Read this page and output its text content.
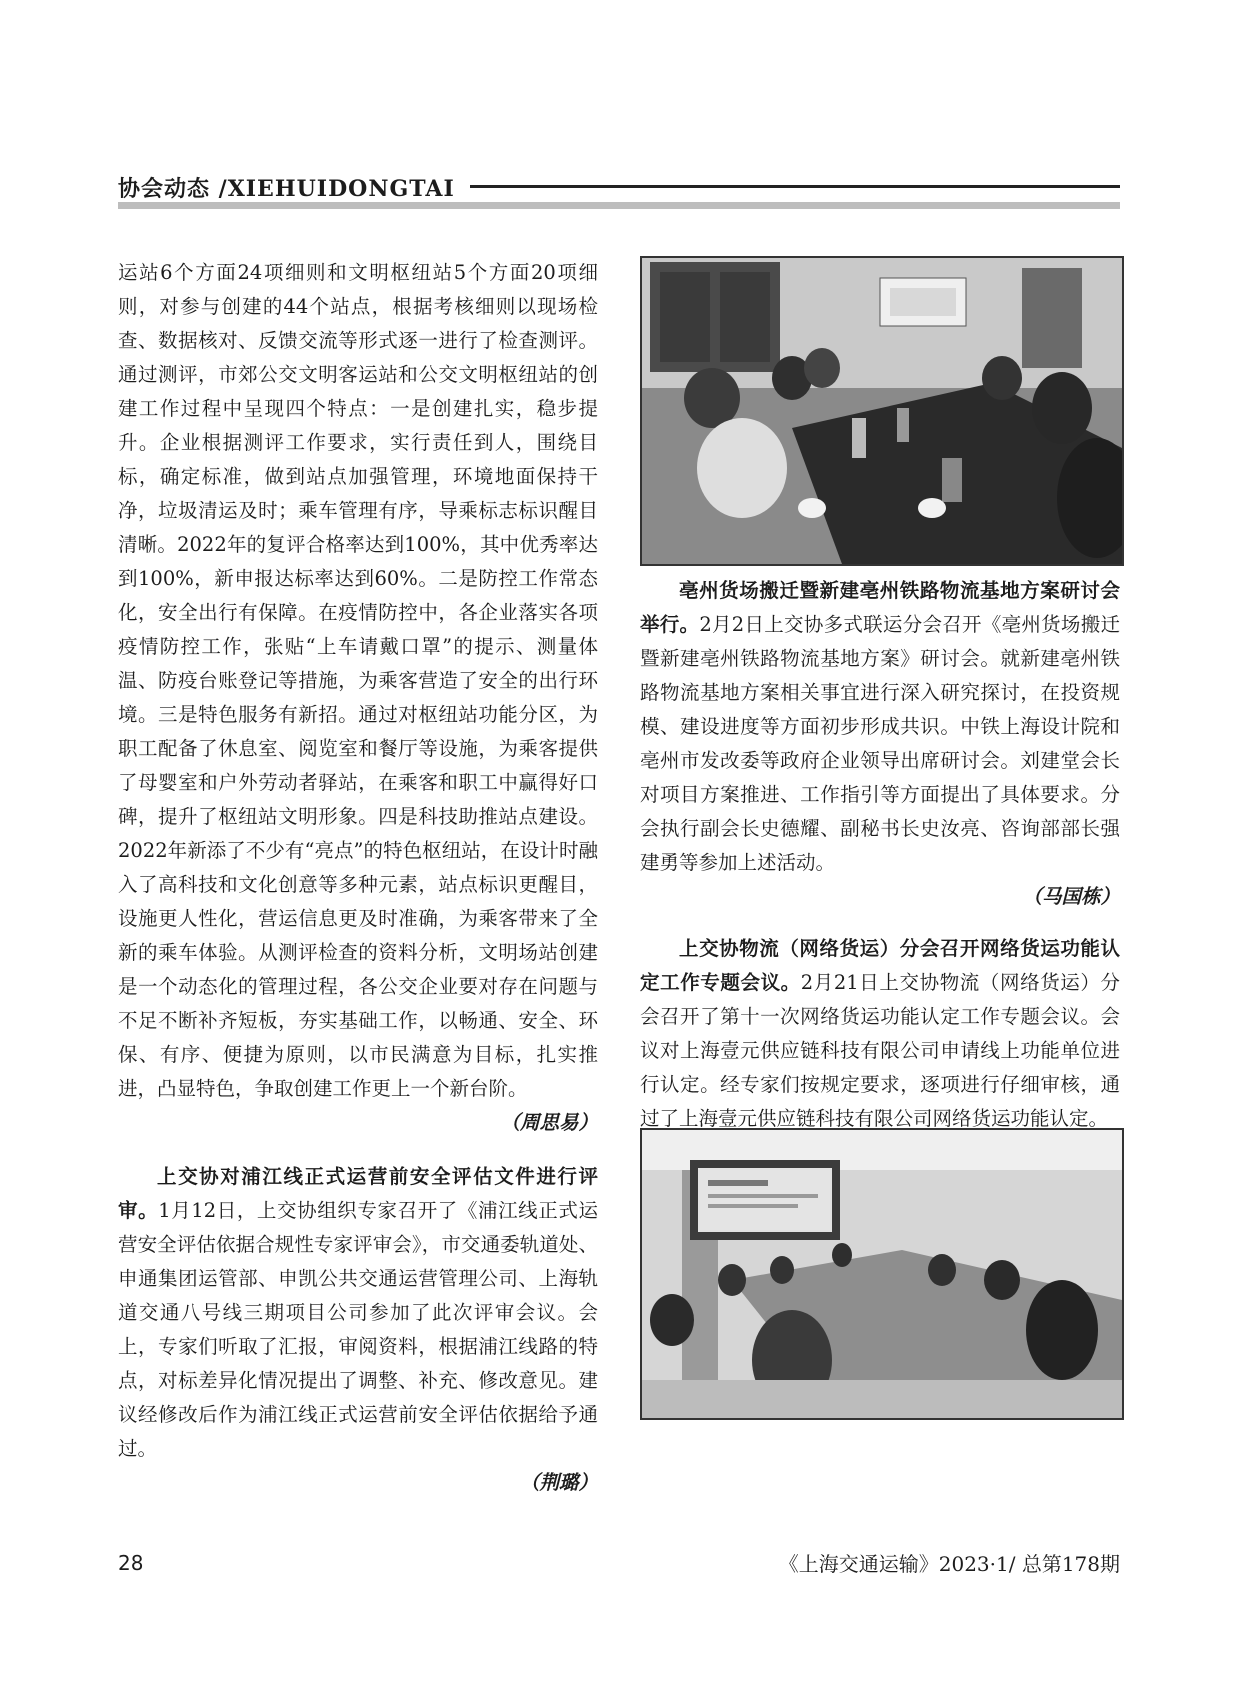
协会动态 /XIEHUIDONGTAI

运站6个方面24项细则和文明枢纽站5个方面20项细则，对参与创建的44个站点，根据考核细则以现场检查、数据核对、反馈交流等形式逐一进行了检查测评。通过测评，市郊公交文明客运站和公交文明枢纽站的创建工作过程中呈现四个特点：一是创建扎实，稳步提升。企业根据测评工作要求，实行责任到人，围绕目标，确定标准，做到站点加强管理，环境地面保持干净，垃圾清运及时；乘车管理有序，导乘标志标识醒目清晰。2022年的复评合格率达到100%，其中优秀率达到100%，新申报达标率达到60%。二是防控工作常态化，安全出行有保障。在疫情防控中，各企业落实各项疫情防控工作，张贴“上车请戴口罩”的提示、测量体温、防疫台账登记等措施，为乘客营造了安全的出行环境。三是特色服务有新招。通过对枢纽站功能分区，为职工配备了休息室、阅览室和餐厅等设施，为乘客提供了母婴室和户外劳动者驿站，在乘客和职工中赢得好口碑，提升了枢纽站文明形象。四是科技助推站点建设。2022年新添了不少有“亮点”的特色枢纽站，在设计时融入了高科技和文化创意等多种元素，站点标识更醒目，设施更人性化，营运信息更及时准确，为乘客带来了全新的乘车体验。从测评检查的资料分析，文明场站创建是一个动态化的管理过程，各公交企业要对存在问题与不足不断补齐短板，夯实基础工作，以畅通、安全、环保、有序、便捷为原则，以市民满意为目标，扎实推进，凸显特色，争取创建工作更上一个新台阶。

（周思易）

上交协对浦江线正式运营前安全评估文件进行评审。1月12日，上交协组织专家召开了《浦江线正式运营安全评估依据合规性专家评审会》，市交通委轨道处、申通集团运管部、申凯公共交通运营管理公司、上海轨道交通八号线三期项目公司参加了此次评审会议。会上，专家们听取了汇报，审阅资料，根据浦江线路的特点，对标差异化情况提出了调整、补充、修改意见。建议经修改后作为浦江线正式运营前安全评估依据给予通过。

（荆璐）

亳州货场搬迁暨新建亳州铁路物流基地方案研讨会举行。2月2日上交协多式联运分会召开《亳州货场搬迁暨新建亳州铁路物流基地方案》研讨会。就新建亳州铁路物流基地方案相关事宜进行深入研究探讨，在投资规模、建设进度等方面初步形成共识。中铁上海设计院和亳州市发改委等政府企业领导出席研讨会。刘建堂会长对项目方案推进、工作指引等方面提出了具体要求。分会执行副会长史德耀、副秘书长史汝亮、咨询部部长强建勇等参加上述活动。

（马国栋）

上交协物流（网络货运）分会召开网络货运功能认定工作专题会议。2月21日上交协物流（网络货运）分会召开了第十一次网络货运功能认定工作专题会议。会议对上海壹元供应链科技有限公司申请线上功能单位进行认定。经专家们按规定要求，逐项进行仔细审核，通过了上海壹元供应链科技有限公司网络货运功能认定。

28	《上海交通运输》2023·1/ 总第178期
